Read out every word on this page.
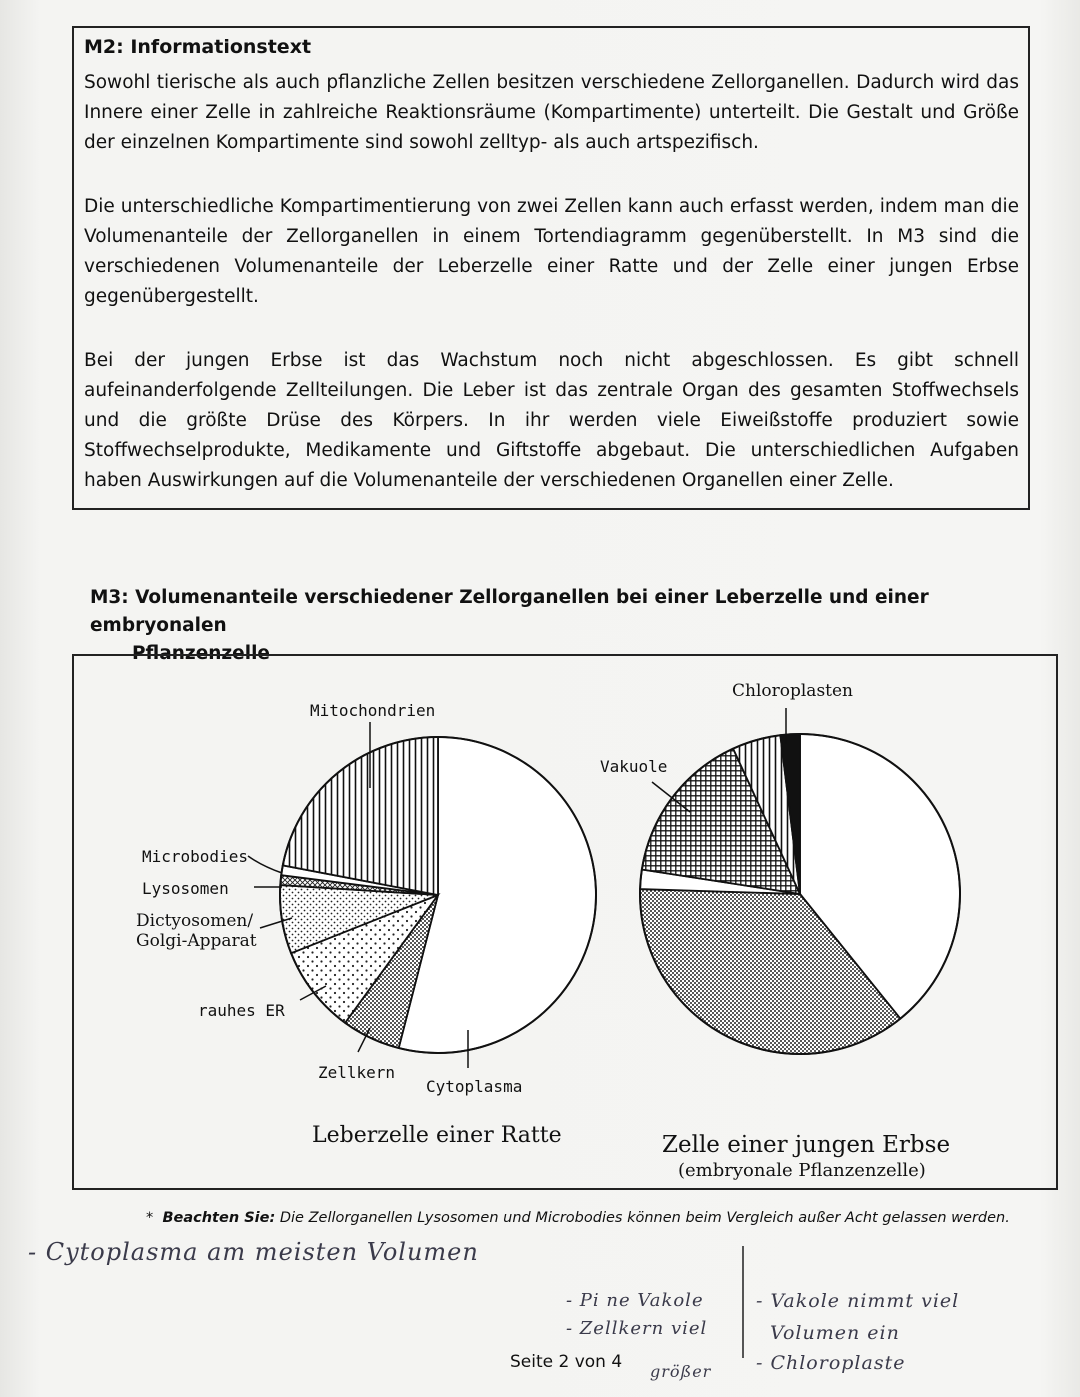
M2: Informationstext
Sowohl tierische als auch pflanzliche Zellen besitzen verschiedene Zellorganellen. Dadurch wird das Innere einer Zelle in zahlreiche Reaktionsräume (Kompartimente) unterteilt. Die Gestalt und Größe der einzelnen Kompartimente sind sowohl zelltyp- als auch artspezifisch.
Die unterschiedliche Kompartimentierung von zwei Zellen kann auch erfasst werden, indem man die Volumenanteile der Zellorganellen in einem Tortendiagramm gegenüberstellt. In M3 sind die verschiedenen Volumenanteile der Leberzelle einer Ratte und der Zelle einer jungen Erbse gegenübergestellt.
Bei der jungen Erbse ist das Wachstum noch nicht abgeschlossen. Es gibt schnell aufeinanderfolgende Zellteilungen. Die Leber ist das zentrale Organ des gesamten Stoffwechsels und die größte Drüse des Körpers. In ihr werden viele Eiweißstoffe produziert sowie Stoffwechselprodukte, Medikamente und Giftstoffe abgebaut. Die unterschiedlichen Aufgaben haben Auswirkungen auf die Volumenanteile der verschiedenen Organellen einer Zelle.
M3: Volumenanteile verschiedener Zellorganellen bei einer Leberzelle und einer embryonalen
Pflanzenzelle
Mitochondrien
Microbodies
Lysosomen
rauhes ER
Zellkern
Cytoplasma
Vakuole
Dictyosomen/
Golgi-Apparat
Chloroplasten
Leberzelle einer Ratte	Zelle einer jungen Erbse
(embryonale Pflanzenzelle)
*  Beachten Sie: Die Zellorganellen Lysosomen und Microbodies können beim Vergleich außer Acht gelassen werden.
- Cytoplasma am meisten Volumen
- Pi ne Vakole
- Zellkern viel
größer
- Vakole nimmt viel
Volumen ein
- Chloroplaste
Seite 2 von 4
